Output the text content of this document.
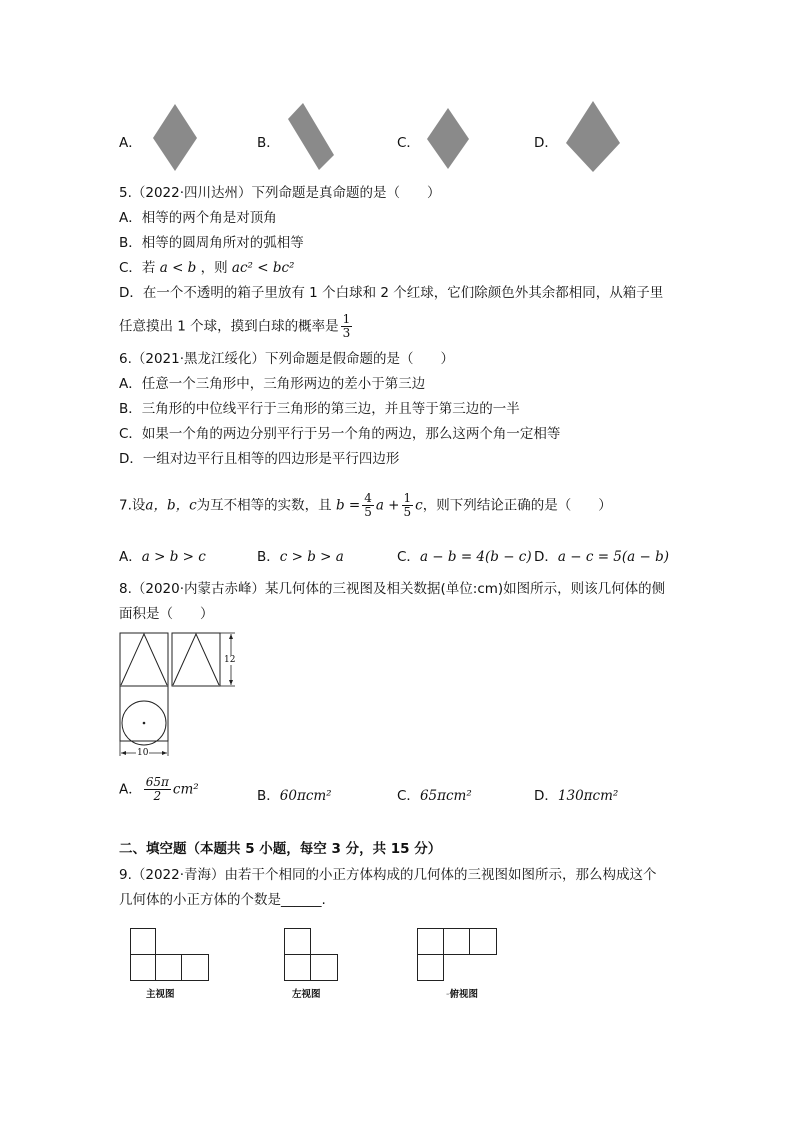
A．	B．	C．	D．
5.（2022·四川达州）下列命题是真命题的是（　　）
A．相等的两个角是对顶角
B．相等的圆周角所对的弧相等
C．若 a < b ，则 ac² < bc²
D．在一个不透明的箱子里放有 1 个白球和 2 个红球，它们除颜色外其余都相同，从箱子里
任意摸出 1 个球，摸到白球的概率是 $\frac{1}{3}$
6.（2021·黑龙江绥化）下列命题是假命题的是（　　）
A．任意一个三角形中，三角形两边的差小于第三边
B．三角形的中位线平行于三角形的第三边，并且等于第三边的一半
C．如果一个角的两边分别平行于另一个角的两边，那么这两个角一定相等
D．一组对边平行且相等的四边形是平行四边形
7.设a，b，c为互不相等的实数，且 $b = \frac{4}{5}$ $a + \frac{1}{5}$ c，则下列结论正确的是（　　）
A．a > b > c	B．c > b > a	C．a − b = 4(b − c) D．a − c = 5(a − b)
8.（2020·内蒙古赤峰）某几何体的三视图及相关数据(单位:cm)如图所示，则该几何体的侧
面积是（　　）
12
10
A． $\frac{65\pi}{2} cm^2$	B．60πcm²	C．65πcm²	D．130πcm²
二、填空题（本题共 5 小题，每空 3 分，共 15 分）
9.（2022·青海）由若干个相同的小正方体构成的几何体的三视图如图所示，那么构成这个
几何体的小正方体的个数是______.
主视图	左视图	-俯视图
